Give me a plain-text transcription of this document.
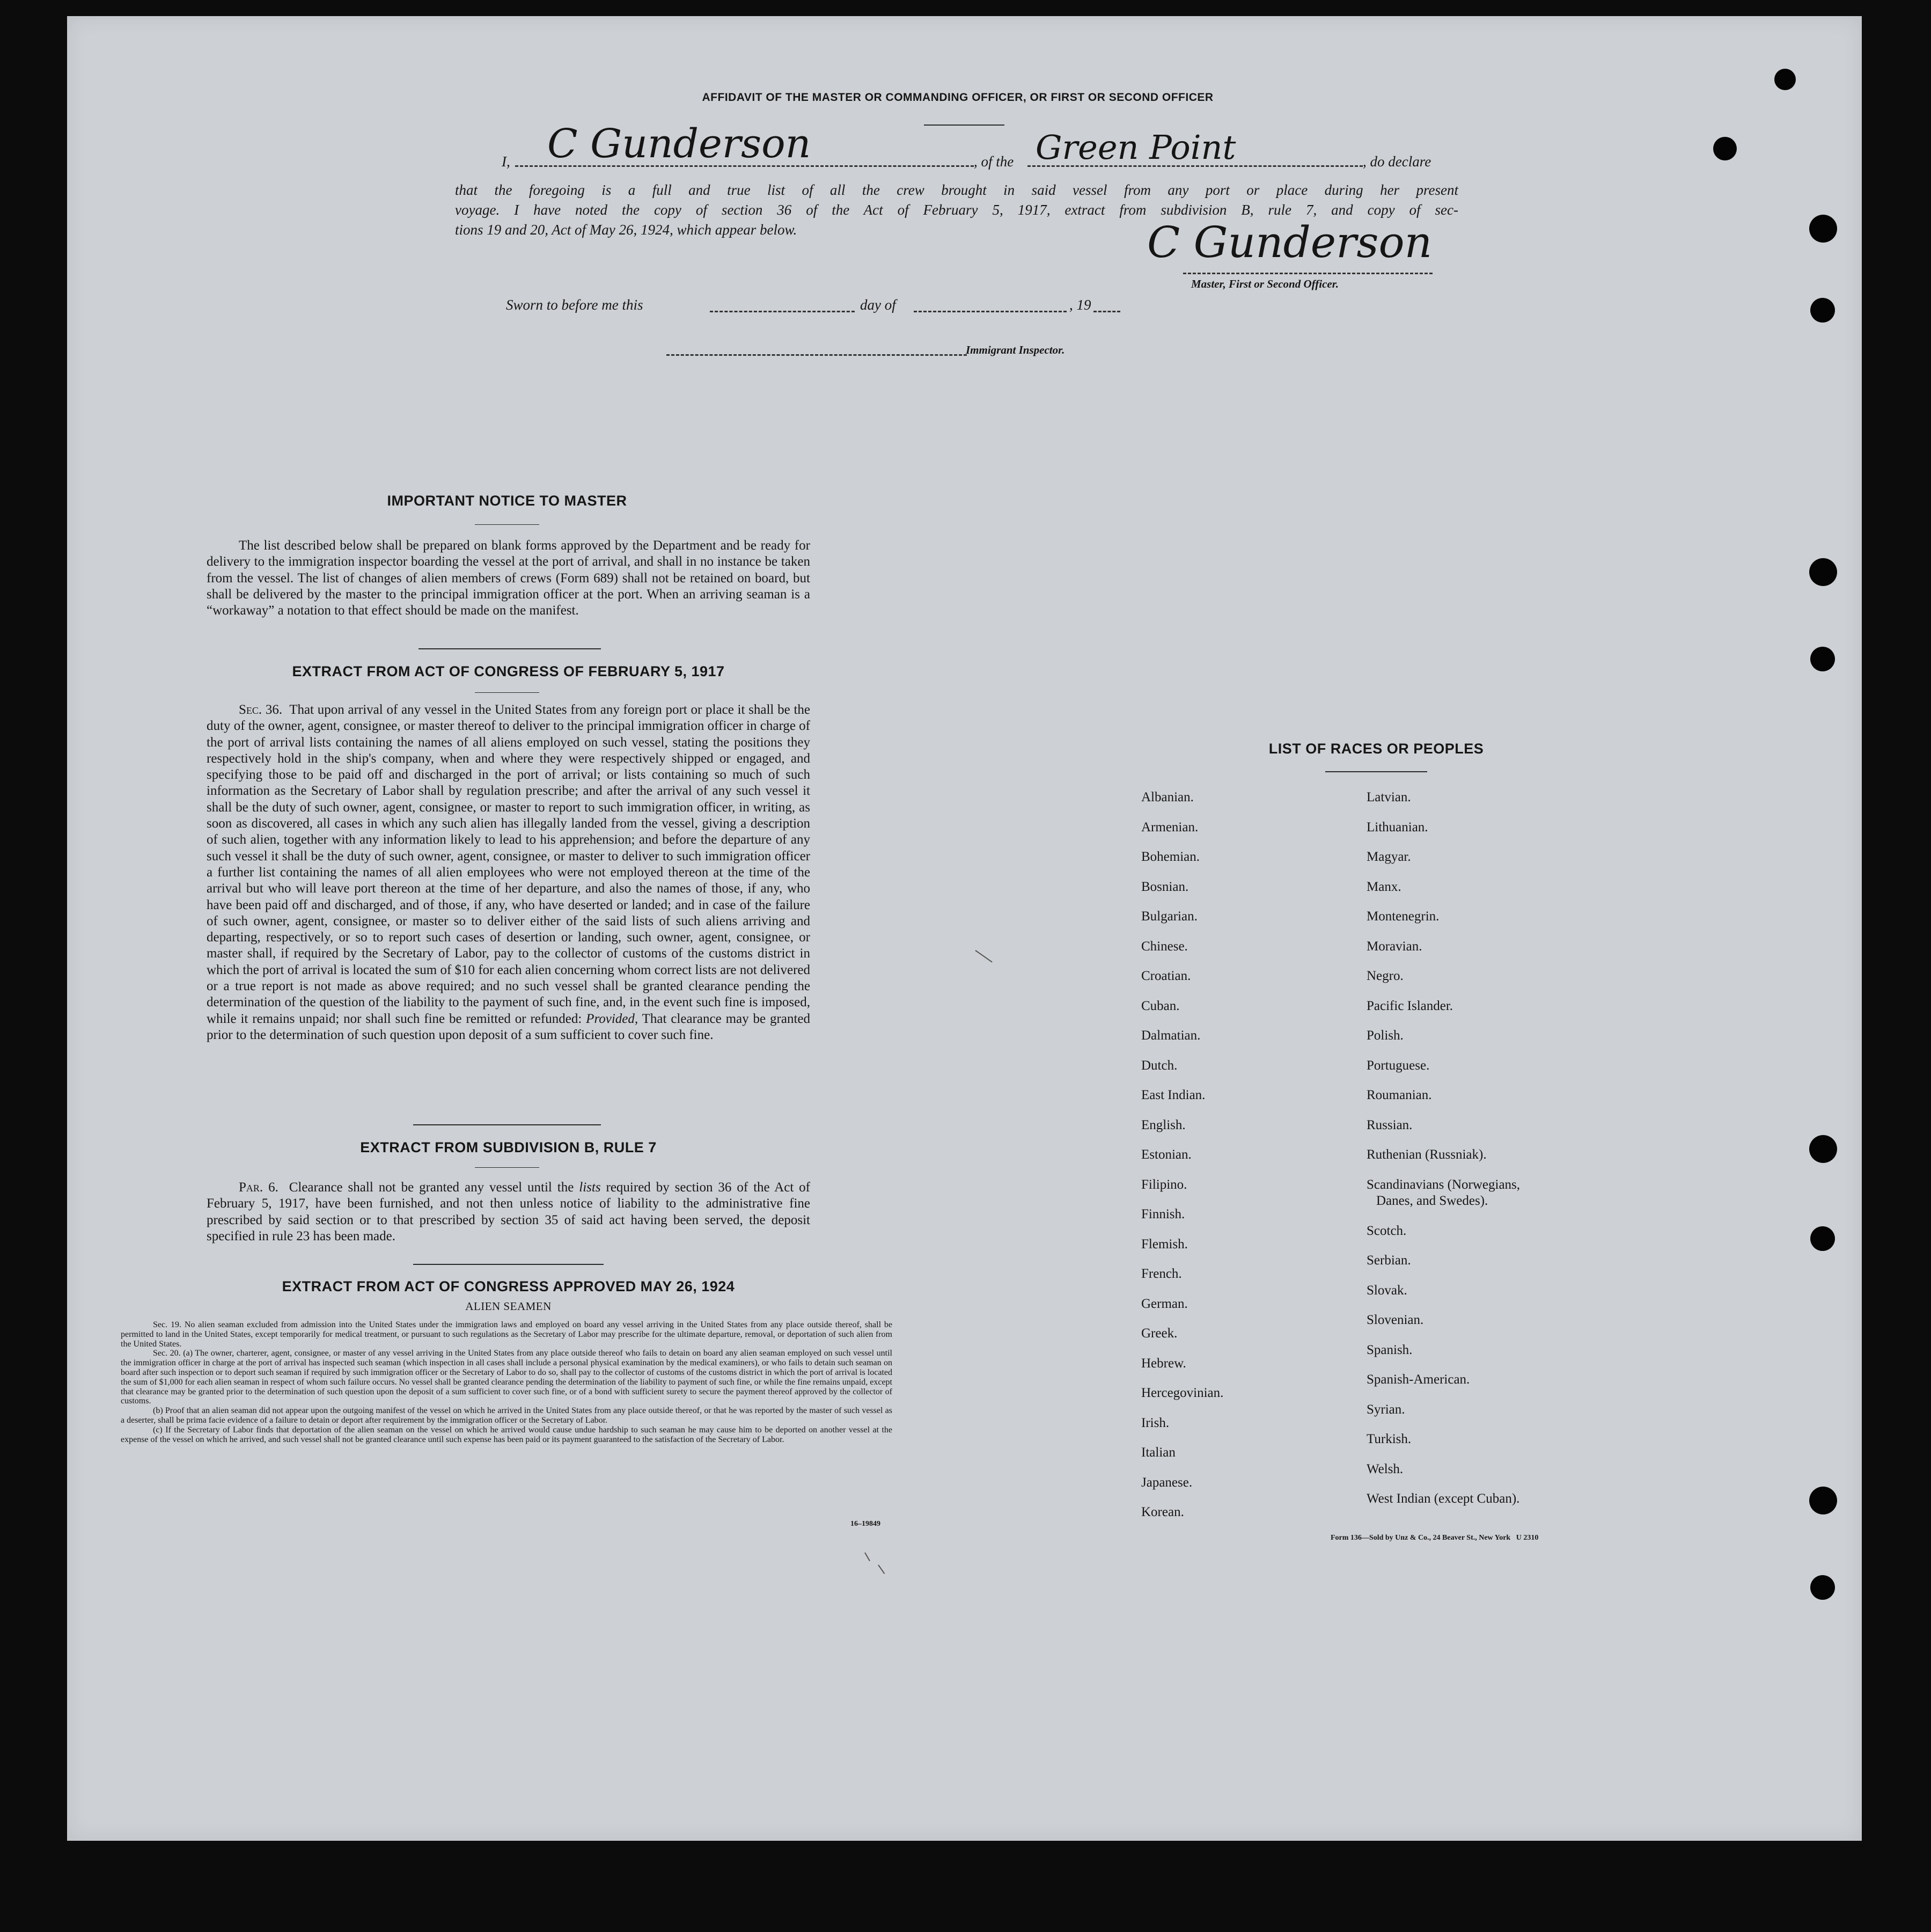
AFFIDAVIT OF THE MASTER OR COMMANDING OFFICER, OR FIRST OR SECOND OFFICER
I, C Gunderson	, of the Green Point	, do declare
that the foregoing is a full and true list of all the crew brought in said vessel from any port or place during her present
voyage. I have noted the copy of section 36 of the Act of February 5, 1917, extract from subdivision B, rule 7, and copy of sec-
tions 19 and 20, Act of May 26, 1924, which appear below.	C Gunderson
Master, First or Second Officer.
Sworn to before me this	day of	, 19
Immigrant Inspector.
IMPORTANT NOTICE TO MASTER
The list described below shall be prepared on blank forms approved by the Department and be ready for delivery to the immigration inspector boarding the vessel at the port of arrival, and shall in no instance be taken from the vessel. The list of changes of alien members of crews (Form 689) shall not be retained on board, but shall be delivered by the master to the principal immigration officer at the port. When an arriving seaman is a “workaway” a notation to that effect should be made on the manifest.
EXTRACT FROM ACT OF CONGRESS OF FEBRUARY 5, 1917
Sec. 36. That upon arrival of any vessel in the United States from any foreign port or place it shall be the duty of the owner, agent, consignee, or master thereof to deliver to the principal immigration officer in charge of the port of arrival lists containing the names of all aliens employed on such vessel, stating the positions they respectively hold in the ship's company, when and where they were respectively shipped or engaged, and specifying those to be paid off and discharged in the port of arrival; or lists containing so much of such information as the Secretary of Labor shall by regulation prescribe; and after the arrival of any such vessel it shall be the duty of such owner, agent, consignee, or master to report to such immigration officer, in writing, as soon as discovered, all cases in which any such alien has illegally landed from the vessel, giving a description of such alien, together with any information likely to lead to his apprehension; and before the departure of any such vessel it shall be the duty of such owner, agent, consignee, or master to deliver to such immigration officer a further list containing the names of all alien employees who were not employed thereon at the time of the arrival but who will leave port thereon at the time of her departure, and also the names of those, if any, who have been paid off and discharged, and of those, if any, who have deserted or landed; and in case of the failure of such owner, agent, consignee, or master so to deliver either of the said lists of such aliens arriving and departing, respectively, or so to report such cases of desertion or landing, such owner, agent, consignee, or master shall, if required by the Secretary of Labor, pay to the collector of customs of the customs district in which the port of arrival is located the sum of $10 for each alien concerning whom correct lists are not delivered or a true report is not made as above required; and no such vessel shall be granted clearance pending the determination of the question of the liability to the payment of such fine, and, in the event such fine is imposed, while it remains unpaid; nor shall such fine be remitted or refunded: Provided, That clearance may be granted prior to the determination of such question upon deposit of a sum sufficient to cover such fine.
EXTRACT FROM SUBDIVISION B, RULE 7
Par. 6. Clearance shall not be granted any vessel until the lists required by section 36 of the Act of February 5, 1917, have been furnished, and not then unless notice of liability to the administrative fine prescribed by said section or to that prescribed by section 35 of said act having been served, the deposit specified in rule 23 has been made.
EXTRACT FROM ACT OF CONGRESS APPROVED MAY 26, 1924
ALIEN SEAMEN

Sec. 19. No alien seaman excluded from admission into the United States under the immigration laws and employed on board any vessel arriving in the United States from any place outside thereof, shall be permitted to land in the United States, except temporarily for medical treatment, or pursuant to such regulations as the Secretary of Labor may prescribe for the ultimate departure, removal, or deportation of such alien from the United States.

Sec. 20. (a) The owner, charterer, agent, consignee, or master of any vessel arriving in the United States from any place outside thereof who fails to detain on board any alien seaman employed on such vessel until the immigration officer in charge at the port of arrival has inspected such seaman (which inspection in all cases shall include a personal physical examination by the medical examiners), or who fails to detain such seaman on board after such inspection or to deport such seaman if required by such immigration officer or the Secretary of Labor to do so, shall pay to the collector of customs of the customs district in which the port of arrival is located the sum of $1,000 for each alien seaman in respect of whom such failure occurs. No vessel shall be granted clearance pending the determination of the liability to payment of such fine, or while the fine remains unpaid, except that clearance may be granted prior to the determination of such question upon the deposit of a sum sufficient to cover such fine, or of a bond with sufficient surety to secure the payment thereof approved by the collector of customs.

(b) Proof that an alien seaman did not appear upon the outgoing manifest of the vessel on which he arrived in the United States from any place outside thereof, or that he was reported by the master of such vessel as a deserter, shall be prima facie evidence of a failure to detain or deport after requirement by the immigration officer or the Secretary of Labor.

(c) If the Secretary of Labor finds that deportation of the alien seaman on the vessel on which he arrived would cause undue hardship to such seaman he may cause him to be deported on another vessel at the expense of the vessel on which he arrived, and such vessel shall not be granted clearance until such expense has been paid or its payment guaranteed to the satisfaction of the Secretary of Labor.

16–19849
LIST OF RACES OR PEOPLES
Albanian.
Armenian.
Bohemian.
Bosnian.
Bulgarian.
Chinese.
Croatian.
Cuban.
Dalmatian.
Dutch.
East Indian.
English.
Estonian.
Filipino.
Finnish.
Flemish.
French.
German.
Greek.
Hebrew.
Hercegovinian.
Irish.
Italian
Japanese.
Korean.
Latvian.
Lithuanian.
Magyar.
Manx.
Montenegrin.
Moravian.
Negro.
Pacific Islander.
Polish.
Portuguese.
Roumanian.
Russian.
Ruthenian (Russniak).
Scandinavians (Norwegians,
Danes, and Swedes).
Scotch.
Serbian.
Slovak.
Slovenian.
Spanish.
Spanish-American.
Syrian.
Turkish.
Welsh.
West Indian (except Cuban).
Form 136—Sold by Unz & Co., 24 Beaver St., New York   U 2310
